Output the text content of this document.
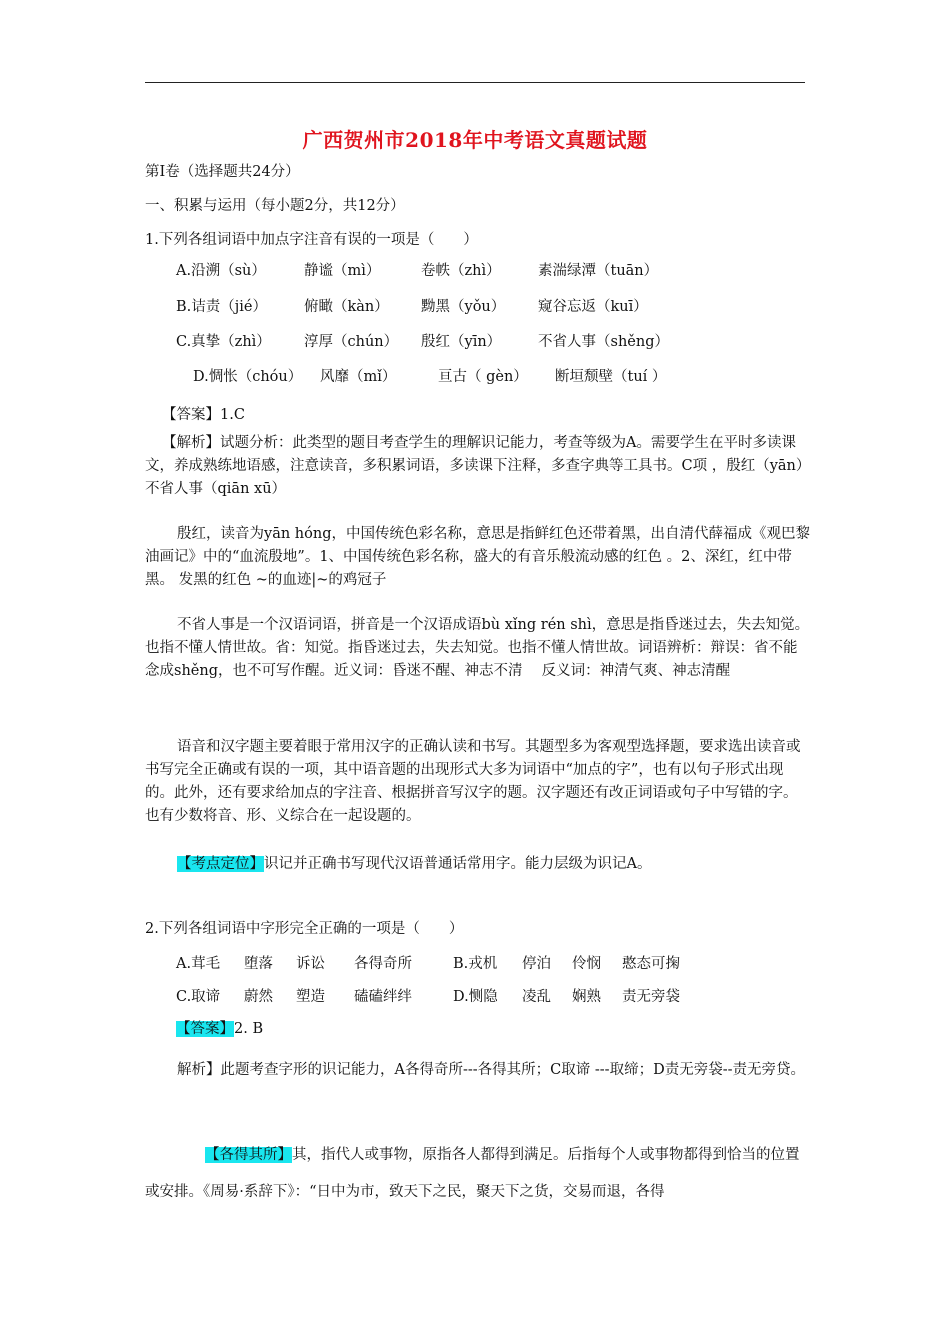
广西贺州市2018年中考语文真题试题
第I卷（选择题共24分）
一、积累与运用（每小题2分，共12分）
1.下列各组词语中加点字注音有误的一项是（　　）
A.沿溯（sù）	静谧（mì）	卷帙（zhì）	素湍绿潭（tuān）
B.诘责（jié）	俯瞰（kàn） 黝黑（yǒu） 窥谷忘返（kuī）
C.真挚（zhì） 淳厚（chún） 殷红（yīn）	不省人事（shěng）
D.惆怅（chóu） 风靡（mǐ）	亘古（ gèn） 断垣颓壁（tuí ）
【答案】1.C
【解析】试题分析：此类型的题目考查学生的理解识记能力，考查等级为A。需要学生在平时多读课文，养成熟练地语感，注意读音，多积累词语，多读课下注释，多查字典等工具书。C项 ，殷红（yān）　 不省人事（qiān xū）
殷红，读音为yān hóng，中国传统色彩名称，意思是指鲜红色还带着黑，出自清代薛福成《观巴黎油画记》中的“血流殷地”。1、中国传统色彩名称，盛大的有音乐般流动感的红色 。2、深红，红中带黑。 发黑的红色 ~的血迹|~的鸡冠子
不省人事是一个汉语词语，拼音是一个汉语成语bù xǐng rén shì，意思是指昏迷过去，失去知觉。也指不懂人情世故。省：知觉。指昏迷过去，失去知觉。也指不懂人情世故。词语辨析：辩误：省不能念成shěng，也不可写作醒。近义词：昏迷不醒、神志不清　 反义词：神清气爽、神志清醒
语音和汉字题主要着眼于常用汉字的正确认读和书写。其题型多为客观型选择题，要求选出读音或书写完全正确或有误的一项，其中语音题的出现形式大多为词语中“加点的字”，也有以句子形式出现的。此外，还有要求给加点的字注音、根据拼音写汉字的题。汉字题还有改正词语或句子中写错的字。也有少数将音、形、义综合在一起设题的。
【考点定位】识记并正确书写现代汉语普通话常用字。能力层级为识记A。
2.下列各组词语中字形完全正确的一项是（　　）
A.茸毛 堕落 诉讼 各得奇所	B.戎机 停泊 伶悯 憨态可掬
C.取谛 蔚然 塑造 磕磕绊绊	D.恻隐 凌乱 娴熟 责无旁袋
【答案】2. B
解析】此题考查字形的识记能力，A各得奇所---各得其所；C取谛 ---取缔；D责无旁袋--责无旁贷。
【各得其所】其，指代人或事物，原指各人都得到满足。后指每个人或事物都得到恰当的位置或安排。《周易·系辞下》：“日中为市，致天下之民，聚天下之货，交易而退，各得
